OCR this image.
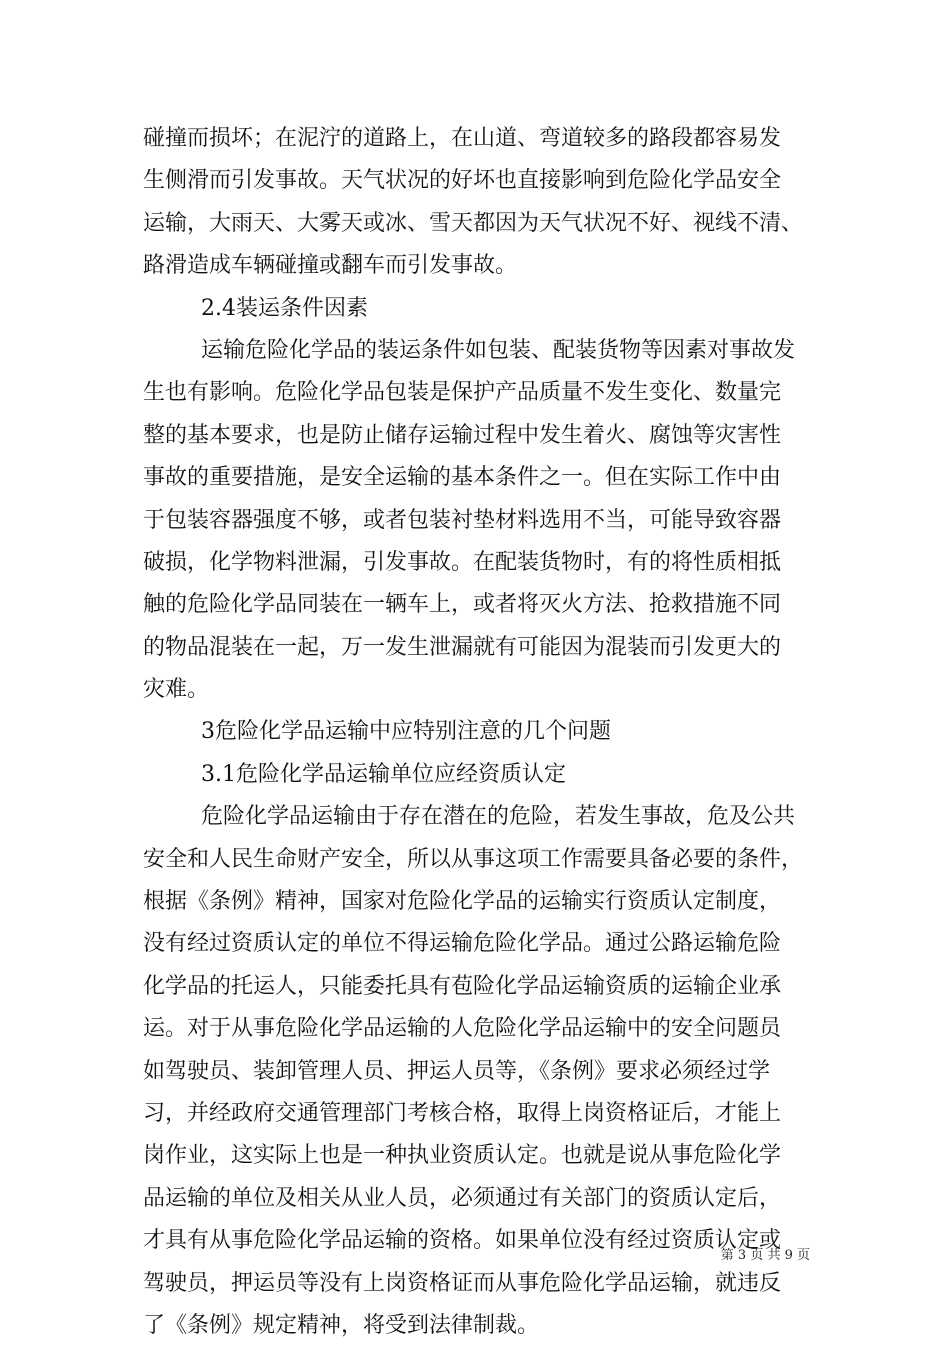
碰撞而损坏；在泥泞的道路上，在山道、弯道较多的路段都容易发
生侧滑而引发事故。天气状况的好坏也直接影响到危险化学品安全
运输，大雨天、大雾天或冰、雪天都因为天气状况不好、视线不清、
路滑造成车辆碰撞或翻车而引发事故。
2.4装运条件因素
运输危险化学品的装运条件如包装、配装货物等因素对事故发
生也有影响。危险化学品包装是保护产品质量不发生变化、数量完
整的基本要求，也是防止储存运输过程中发生着火、腐蚀等灾害性
事故的重要措施，是安全运输的基本条件之一。但在实际工作中由
于包装容器强度不够，或者包装衬垫材料选用不当，可能导致容器
破损，化学物料泄漏，引发事故。在配装货物时，有的将性质相抵
触的危险化学品同装在一辆车上，或者将灭火方法、抢救措施不同
的物品混装在一起，万一发生泄漏就有可能因为混装而引发更大的
灾难。
3危险化学品运输中应特别注意的几个问题
3.1危险化学品运输单位应经资质认定
危险化学品运输由于存在潜在的危险，若发生事故，危及公共
安全和人民生命财产安全，所以从事这项工作需要具备必要的条件，
根据《条例》精神，国家对危险化学品的运输实行资质认定制度，
没有经过资质认定的单位不得运输危险化学品。通过公路运输危险
化学品的托运人，只能委托具有苞险化学品运输资质的运输企业承
运。对于从事危险化学品运输的人危险化学品运输中的安全问题员
如驾驶员、装卸管理人员、押运人员等，《条例》要求必须经过学
习，并经政府交通管理部门考核合格，取得上岗资格证后，才能上
岗作业，这实际上也是一种执业资质认定。也就是说从事危险化学
品运输的单位及相关从业人员，必须通过有关部门的资质认定后，
才具有从事危险化学品运输的资格。如果单位没有经过资质认定或
驾驶员，押运员等没有上岗资格证而从事危险化学品运输，就违反
了《条例》规定精神，将受到法律制裁。
第 3 页 共 9 页
